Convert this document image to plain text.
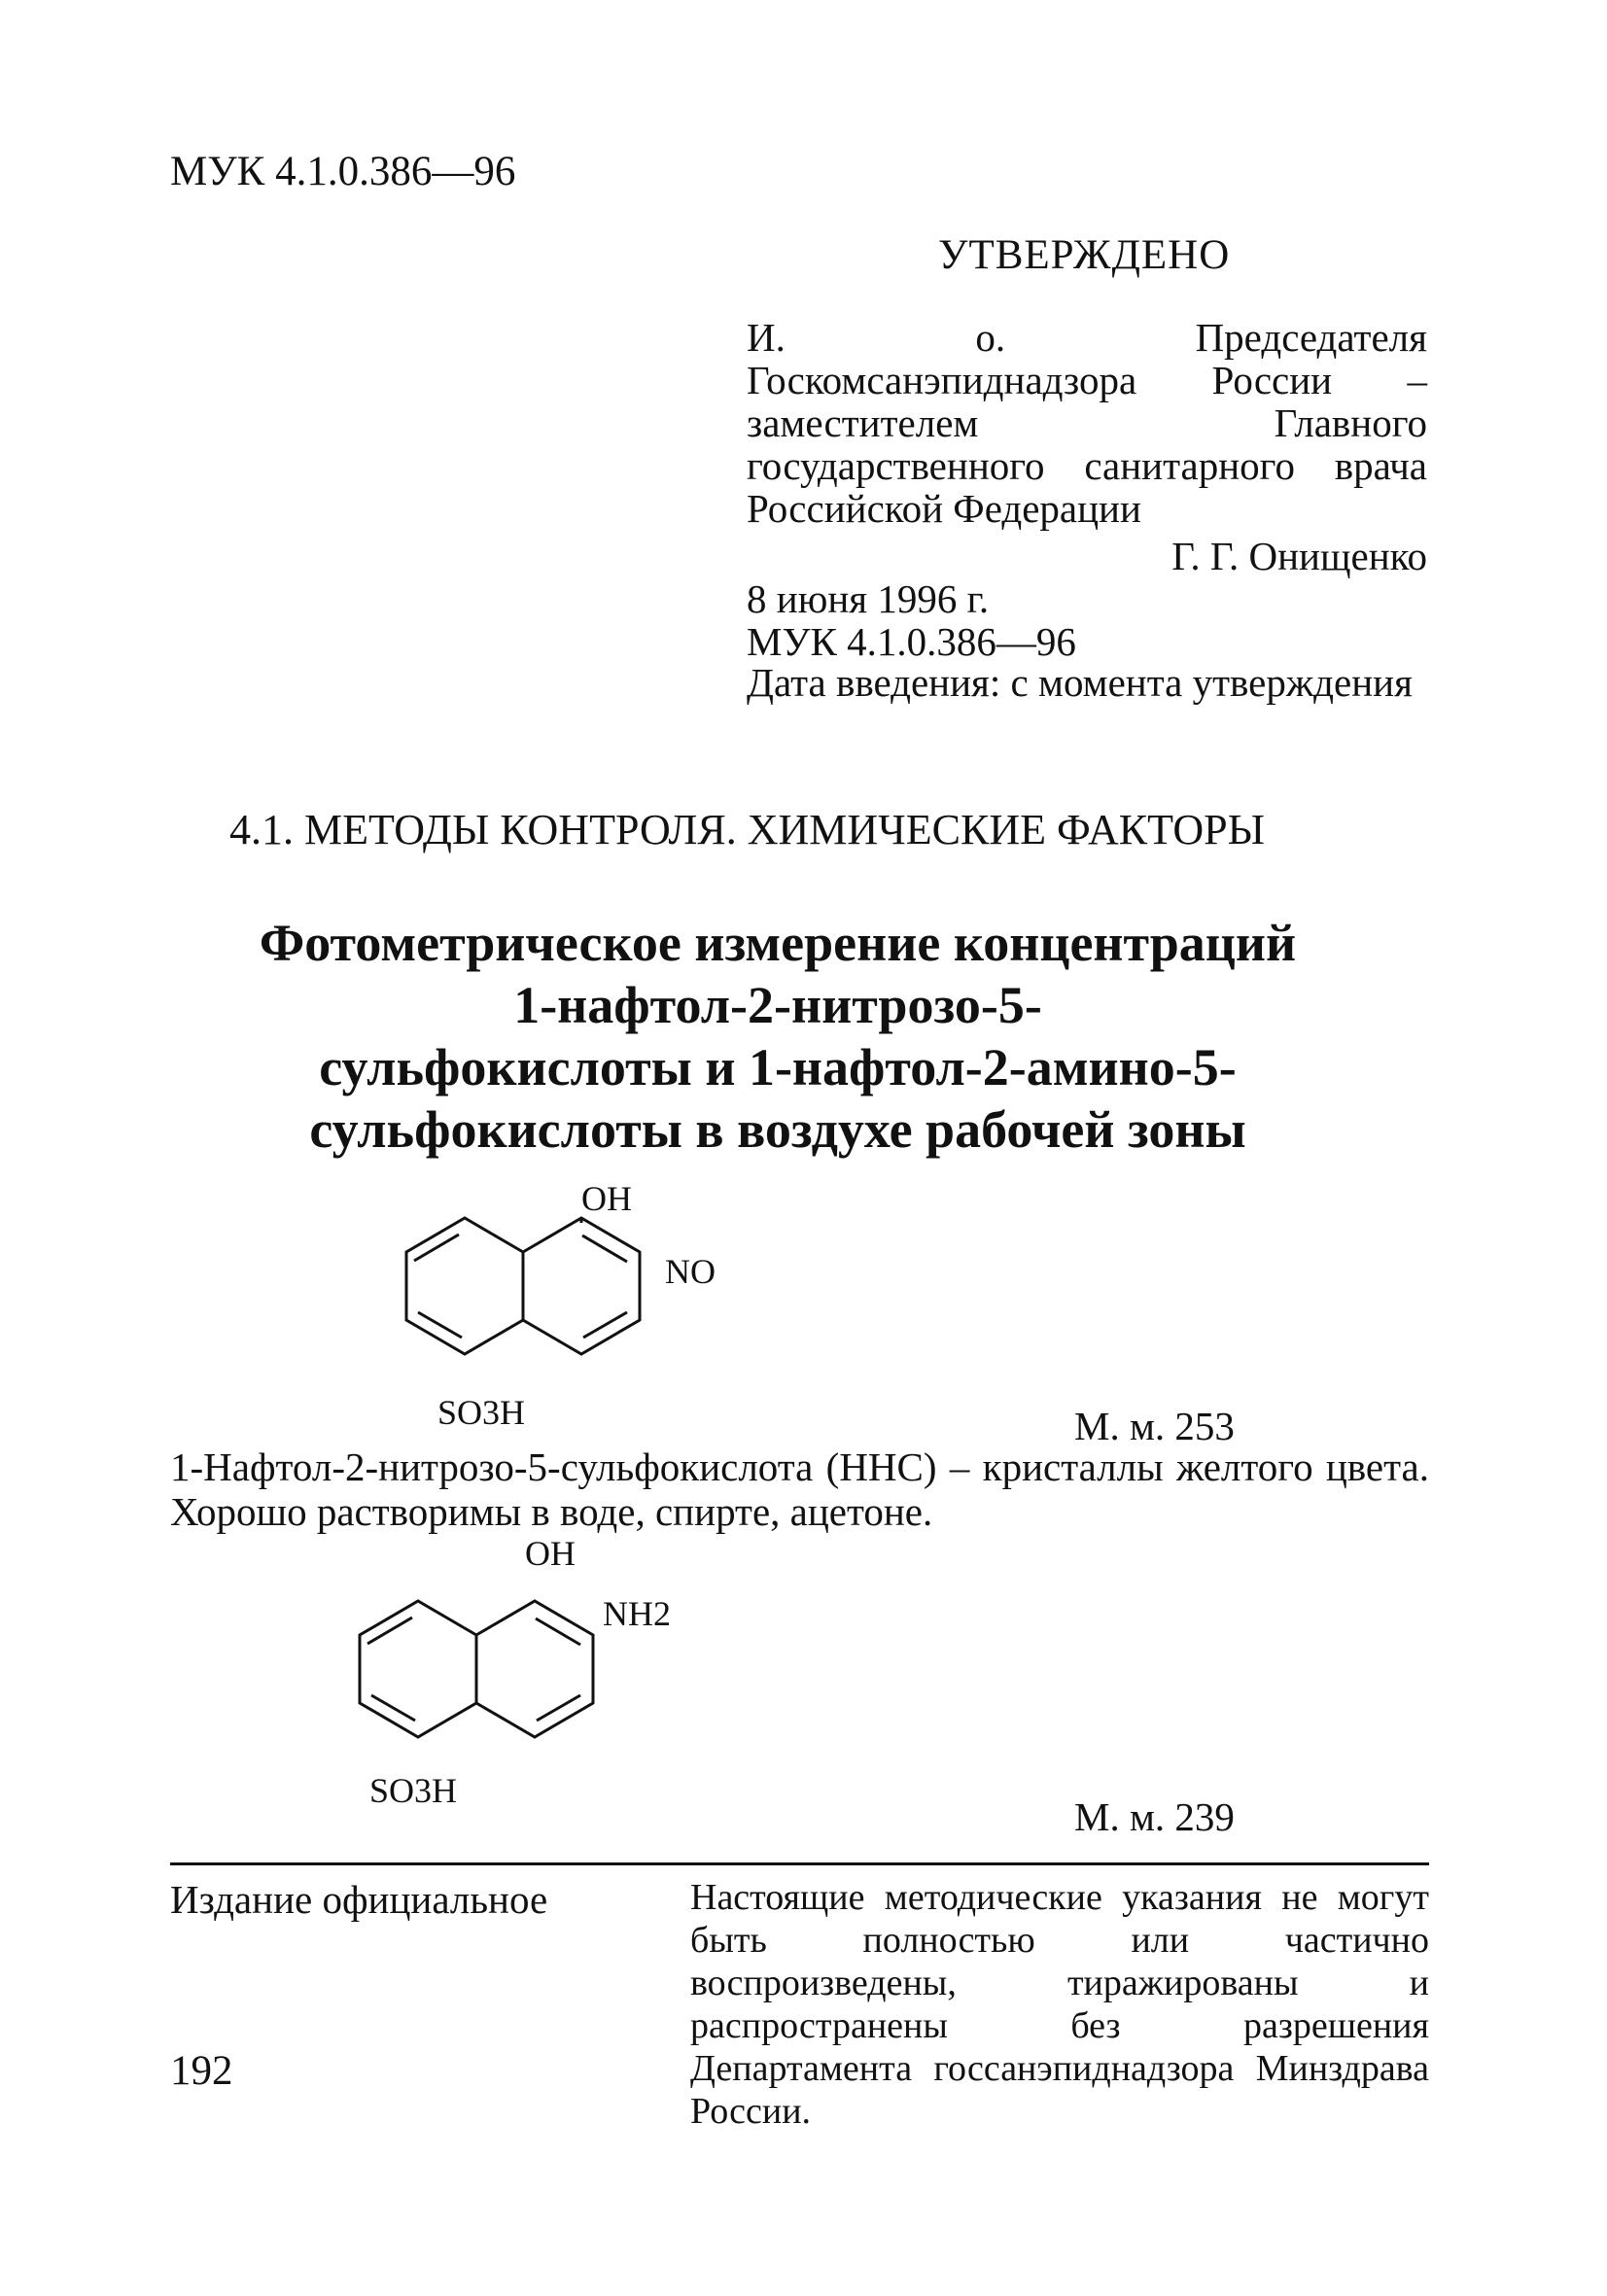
МУК 4.1.0.386—96
УТВЕРЖДЕНО
И. о. Председателя Госкомсанэпиднадзора России – заместителем Главного государственного санитарного врача Российской Федерации
Г. Г. Онищенко
8 июня 1996 г.
МУК 4.1.0.386—96
Дата введения: с момента утверждения
4.1. МЕТОДЫ КОНТРОЛЯ. ХИМИЧЕСКИЕ ФАКТОРЫ
Фотометрическое измерение концентраций
1-нафтол-2-нитрозо-5-
сульфокислоты и 1-нафтол-2-амино-5-
сульфокислоты в воздухе рабочей зоны
OH
NO
SO3H	М. м. 253
1-Нафтол-2-нитрозо-5-сульфокислота (ННС) – кристаллы желтого цвета. Хорошо растворимы в воде, спирте, ацетоне.
OH
NH2
SO3H
М. м. 239
Издание официальное	Настоящие методические указания не могут быть полностью или частично воспроизведены, тиражированы и распространены без разрешения Департамента госсанэпиднадзора Минздрава России.
192
